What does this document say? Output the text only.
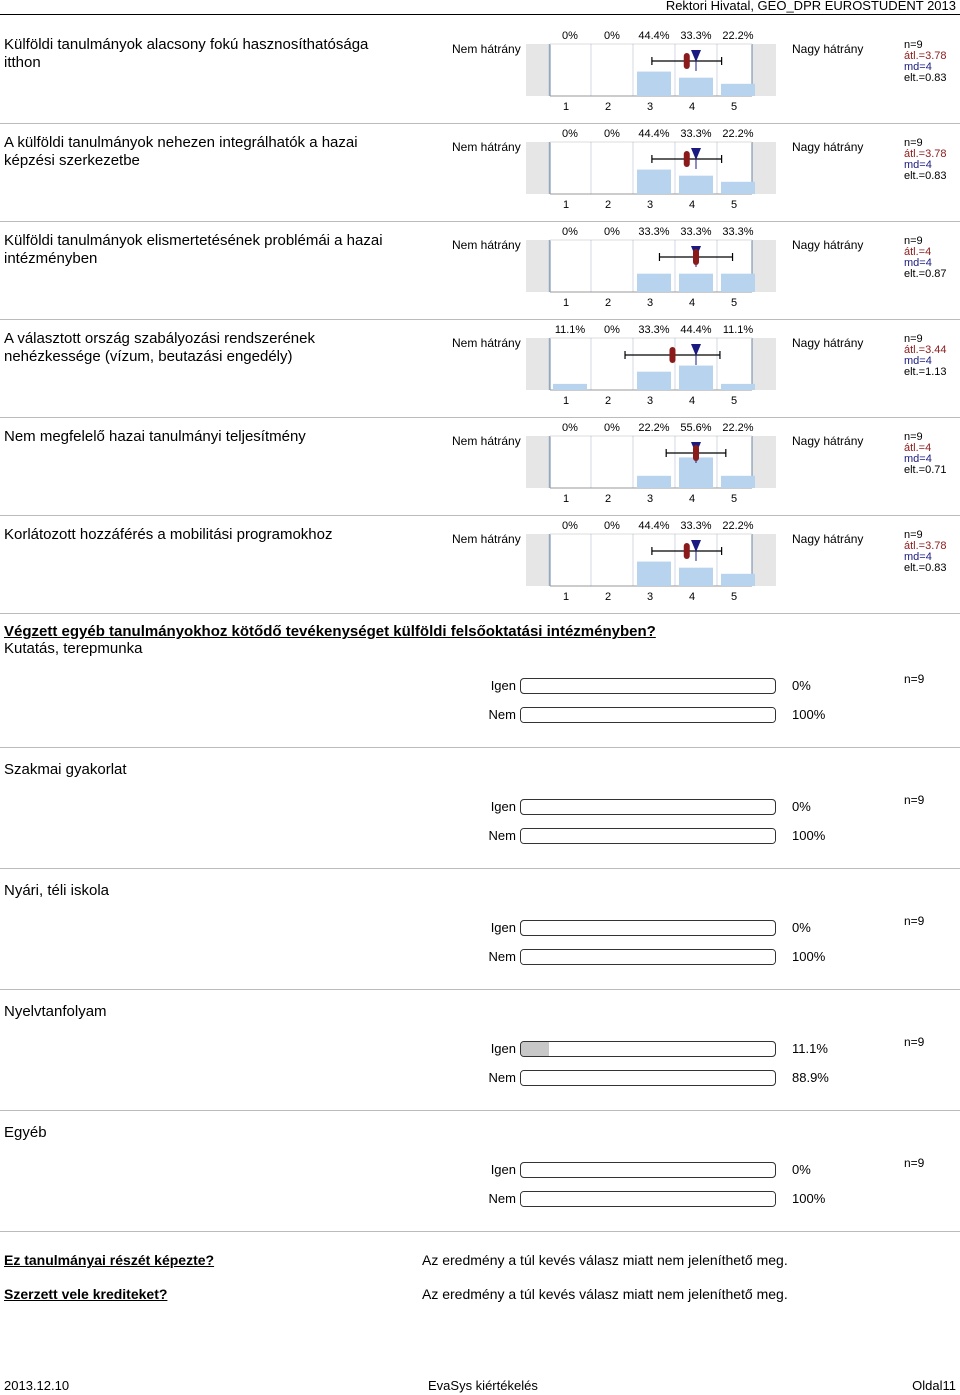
Rektori Hivatal, GEO_DPR EUROSTUDENT 2013
Külföldi tanulmányok alacsony fokú hasznosíthatósága itthon
Nem hátrány	Nagy hátrány	n=9
átl.=3.78
md=4
elt.=0.83
0% 0% 44.4% 33.3% 22.2%
1	2	3	4	5
A külföldi tanulmányok nehezen integrálhatók a hazai képzési szerkezetbe
Nem hátrány	Nagy hátrány	n=9
átl.=3.78
md=4
elt.=0.83
0% 0% 44.4% 33.3% 22.2%
1	2	3	4	5
Külföldi tanulmányok elismertetésének problémái a hazai intézményben
Nem hátrány	Nagy hátrány	n=9
átl.=4
md=4
elt.=0.87
0% 0% 33.3% 33.3% 33.3%
1	2	3	4	5
A választott ország szabályozási rendszerének nehézkessége (vízum, beutazási engedély)
Nem hátrány	Nagy hátrány	n=9
átl.=3.44
md=4
elt.=1.13
11.1% 0% 33.3% 44.4% 11.1%
1	2	3	4	5
Nem megfelelő hazai tanulmányi teljesítmény	Nem hátrány	Nagy hátrány	n=9
átl.=4
md=4
elt.=0.71
0% 0% 22.2% 55.6% 22.2%
1	2	3	4	5
Korlátozott hozzáférés a mobilitási programokhoz	Nem hátrány	Nagy hátrány	n=9
átl.=3.78
md=4
elt.=0.83
0% 0% 44.4% 33.3% 22.2%
1	2	3	4	5
Végzett egyéb tanulmányokhoz kötődő tevékenységet külföldi felsőoktatási intézményben?
Kutatás, terepmunka
Igen	0%
Nem	100%
n=9
Szakmai gyakorlat
Igen	0%
Nem	100%
n=9
Nyári, téli iskola
Igen	0%
Nem	100%
n=9
Nyelvtanfolyam
Igen	11.1%
Nem	88.9%
n=9
Egyéb
Igen	0%
Nem	100%
n=9
Ez tanulmányai részét képezte?	Az eredmény a túl kevés válasz miatt nem jeleníthető meg.
Szerzett vele krediteket?	Az eredmény a túl kevés válasz miatt nem jeleníthető meg.
2013.12.10	EvaSys kiértékelés	Oldal11
